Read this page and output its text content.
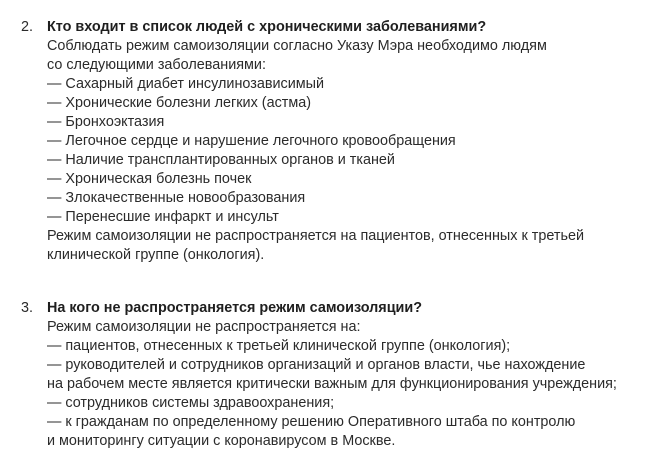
2. Кто входит в список людей с хроническими заболеваниями?
Соблюдать режим самоизоляции согласно Указу Мэра необходимо людям
со следующими заболеваниями:
— Сахарный диабет инсулинозависимый
— Хронические болезни легких (астма)
— Бронхоэктазия
— Легочное сердце и нарушение легочного кровообращения
— Наличие трансплантированных органов и тканей
— Хроническая болезнь почек
— Злокачественные новообразования
— Перенесшие инфаркт и инсульт
Режим самоизоляции не распространяется на пациентов, отнесенных к третьей
клинической группе (онкология).
3. На кого не распространяется режим самоизоляции?
Режим самоизоляции не распространяется на:
— пациентов, отнесенных к третьей клинической группе (онкология);
— руководителей и сотрудников организаций и органов власти, чье нахождение
на рабочем месте является критически важным для функционирования учреждения;
— сотрудников системы здравоохранения;
— к гражданам по определенному решению Оперативного штаба по контролю
и мониторингу ситуации с коронавирусом в Москве.
